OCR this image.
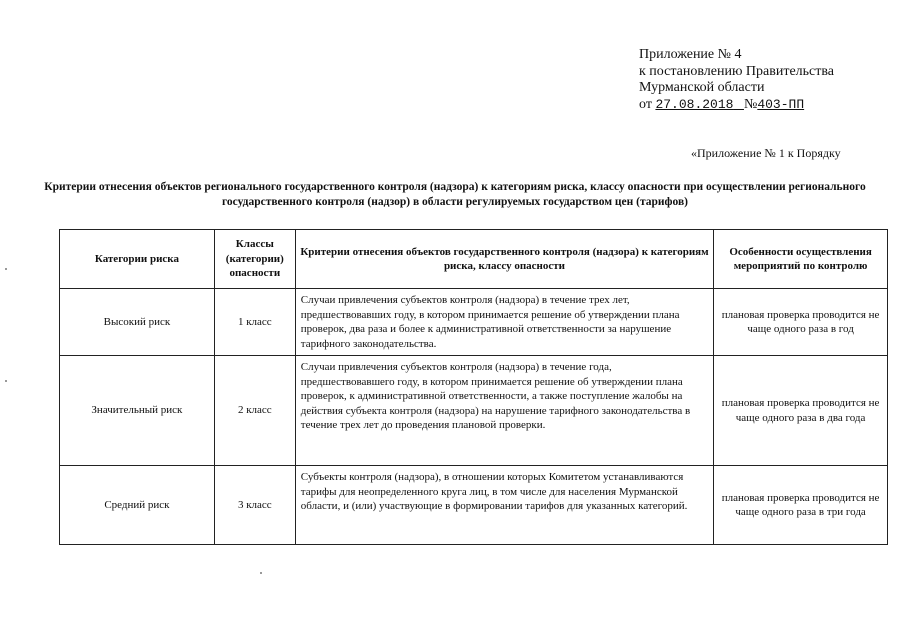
Приложение № 4
к постановлению Правительства
Мурманской области
от 27.08.2018 №403-ПП
«Приложение № 1 к Порядку
Критерии отнесения объектов регионального государственного контроля (надзора) к категориям риска, классу опасности при осуществлении регионального государственного контроля (надзор) в области регулируемых государством цен (тарифов)
Категории риска	Классы (категории) опасности	Критерии отнесения объектов государственного контроля (надзора) к категориям риска, классу опасности	Особенности осуществления мероприятий по контролю
Высокий риск	1 класс	Случаи привлечения субъектов контроля (надзора) в течение трех лет, предшествовавших году, в котором принимается решение об утверждении плана проверок, два раза и более к административной ответственности за нарушение тарифного законодательства.	плановая проверка проводится не чаще одного раза в год
Значительный риск	2 класс	Случаи привлечения субъектов контроля (надзора) в течение года, предшествовавшего году, в котором принимается решение об утверждении плана проверок, к административной ответственности, а также поступление жалобы на действия субъекта контроля (надзора) на нарушение тарифного законодательства в течение трех лет до проведения плановой проверки.	плановая проверка проводится не чаще одного раза в два года
Средний риск	3 класс	Субъекты контроля (надзора), в отношении которых Комитетом устанавливаются тарифы для неопределенного круга лиц, в том числе для населения Мурманской области, и (или) участвующие в формировании тарифов для указанных категорий.	плановая проверка проводится не чаще одного раза в три года
